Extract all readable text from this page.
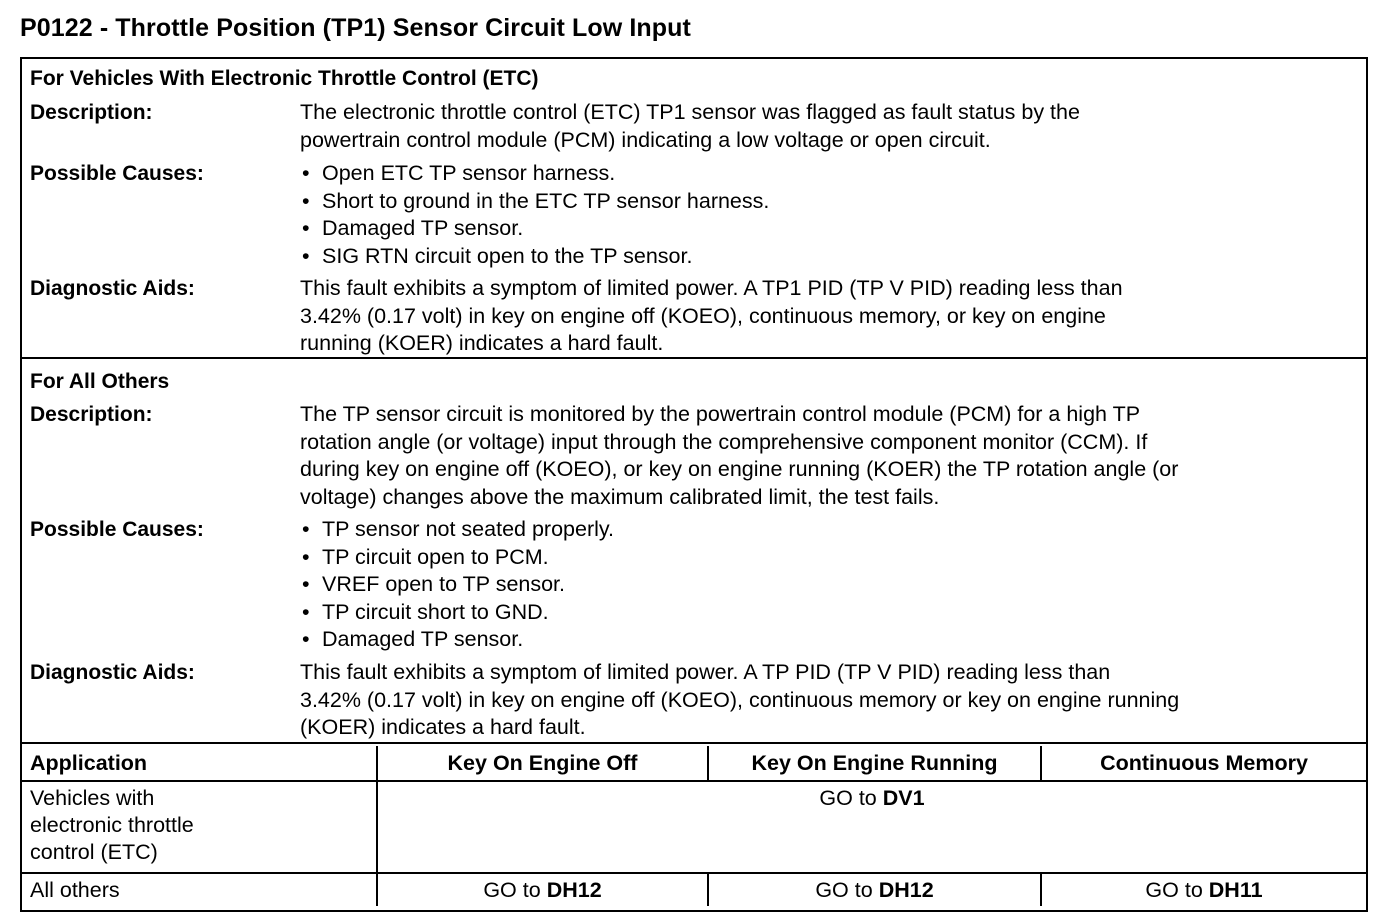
P0122 - Throttle Position (TP1) Sensor Circuit Low Input
For Vehicles With Electronic Throttle Control (ETC)
Description:	The electronic throttle control (ETC) TP1 sensor was flagged as fault status by the
powertrain control module (PCM) indicating a low voltage or open circuit.
Possible Causes:	• Open ETC TP sensor harness.
• Short to ground in the ETC TP sensor harness.
• Damaged TP sensor.
• SIG RTN circuit open to the TP sensor.
Diagnostic Aids:	This fault exhibits a symptom of limited power. A TP1 PID (TP V PID) reading less than
3.42% (0.17 volt) in key on engine off (KOEO), continuous memory, or key on engine
running (KOER) indicates a hard fault.
For All Others
Description:	The TP sensor circuit is monitored by the powertrain control module (PCM) for a high TP
rotation angle (or voltage) input through the comprehensive component monitor (CCM). If
during key on engine off (KOEO), or key on engine running (KOER) the TP rotation angle (or
voltage) changes above the maximum calibrated limit, the test fails.
Possible Causes:	• TP sensor not seated properly.
• TP circuit open to PCM.
• VREF open to TP sensor.
• TP circuit short to GND.
• Damaged TP sensor.
Diagnostic Aids:	This fault exhibits a symptom of limited power. A TP PID (TP V PID) reading less than
3.42% (0.17 volt) in key on engine off (KOEO), continuous memory or key on engine running
(KOER) indicates a hard fault.
Application	Key On Engine Off	Key On Engine Running	Continuous Memory

Vehicles with
electronic throttle
control (ETC)	GO to DV1		
All others	GO to DH12	GO to DH12	GO to DH11
